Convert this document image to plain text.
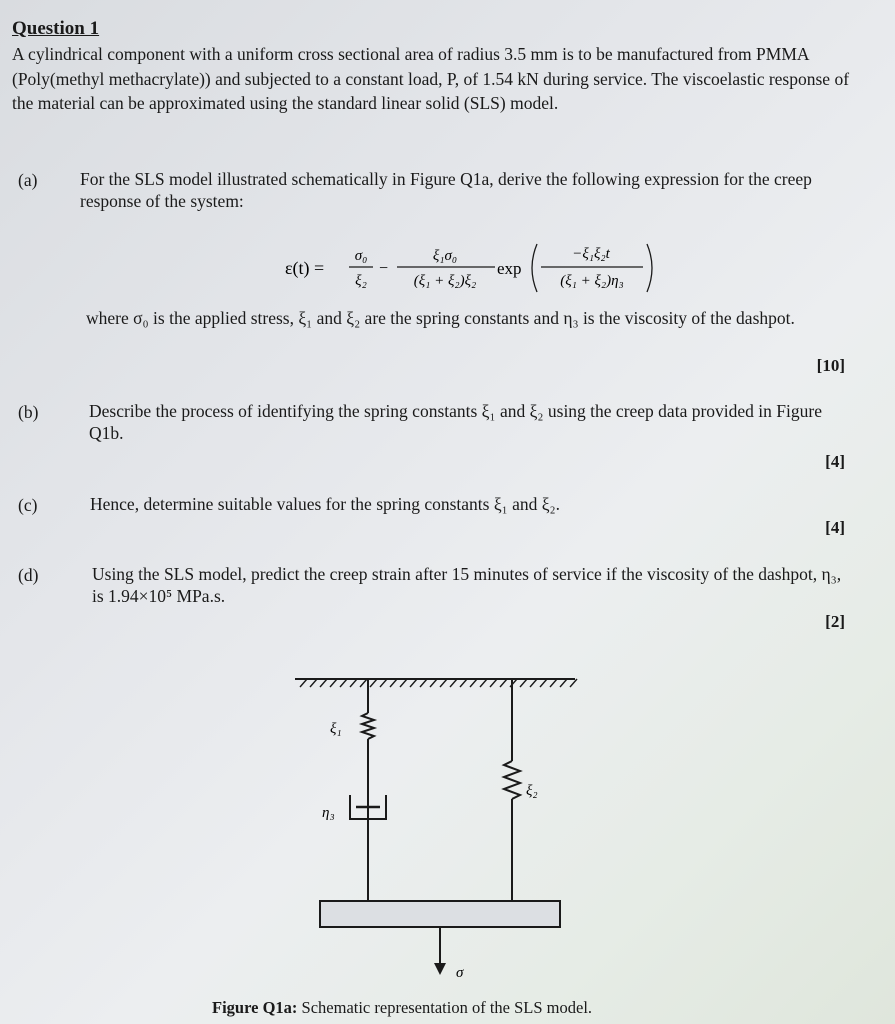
Question 1
A cylindrical component with a uniform cross sectional area of radius 3.5 mm is to be manufactured from PMMA (Poly(methyl methacrylate)) and subjected to a constant load, P, of 1.54 kN during service. The viscoelastic response of the material can be approximated using the standard linear solid (SLS) model.
(a) For the SLS model illustrated schematically in Figure Q1a, derive the following expression for the creep response of the system:
ε(t) =
σ₀
ξ₂
−
ξ₁σ₀
(ξ₁ + ξ₂)ξ₂
exp
−ξ₁ξ₂t
(ξ₁ + ξ₂)η₃
where σ₀ is the applied stress, ξ₁ and ξ₂ are the spring constants and η₃ is the viscosity of the dashpot.
[10]
(b)	Describe the process of identifying the spring constants ξ₁ and ξ₂ using the creep data provided in Figure Q1b.
[4]
(c)	Hence, determine suitable values for the spring constants ξ₁ and ξ₂.
[4]
(d)	Using the SLS model, predict the creep strain after 15 minutes of service if the viscosity of the dashpot, η₃, is 1.94×10⁵ MPa.s.
[2]
ξ₁
ξ₂
η₃
σ
Figure Q1a: Schematic representation of the SLS model.
